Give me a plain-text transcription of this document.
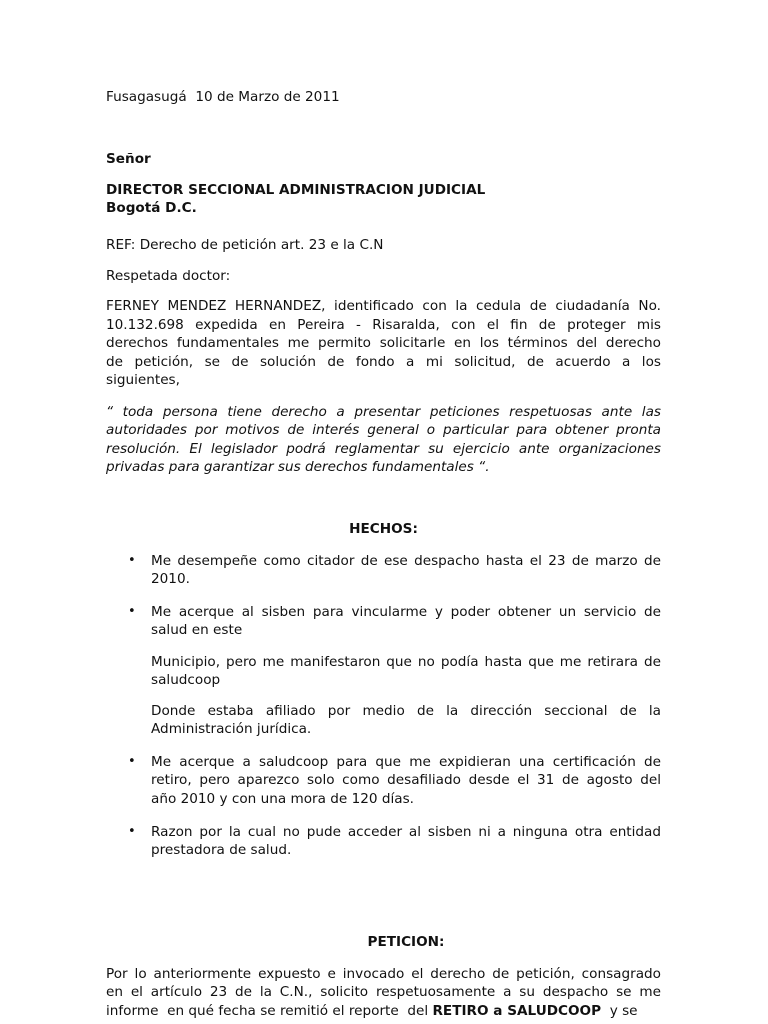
Fusagasugá  10 de Marzo de 2011

Señor

DIRECTOR SECCIONAL ADMINISTRACION JUDICIAL

Bogotá D.C.

REF: Derecho de petición art. 23 e la C.N

Respetada doctor:

FERNEY MENDEZ HERNANDEZ, identificado con la cedula de ciudadanía No.

10.132.698 expedida en Pereira - Risaralda, con el fin de proteger mis

derechos fundamentales me permito solicitarle en los términos del derecho

de petición, se de solución de fondo a mi solicitud, de acuerdo a los

siguientes,

“ toda persona tiene derecho a presentar peticiones respetuosas ante las

autoridades por motivos de interés general o particular para obtener pronta

resolución. El legislador podrá reglamentar su ejercicio ante organizaciones

privadas para garantizar sus derechos fundamentales “.

HECHOS:

• Me desempeñe como citador de ese despacho hasta el 23 de marzo de

2010.

• Me acerque al sisben para vincularme y poder obtener un servicio de

salud en este

Municipio, pero me manifestaron que no podía hasta que me retirara de

saludcoop

Donde estaba afiliado por medio de la dirección seccional de la

Administración jurídica.

• Me acerque a saludcoop para que me expidieran una certificación de

retiro, pero aparezco solo como desafiliado desde el 31 de agosto del

año 2010 y con una mora de 120 días.

• Razon por la cual no pude acceder al sisben ni a ninguna otra entidad

prestadora de salud.

PETICION:

Por lo anteriormente expuesto e invocado el derecho de petición, consagrado

en el artículo 23 de la C.N., solicito respetuosamente a su despacho se me

informe  en qué fecha se remitió el reporte  del RETIRO a SALUDCOOP  y se
